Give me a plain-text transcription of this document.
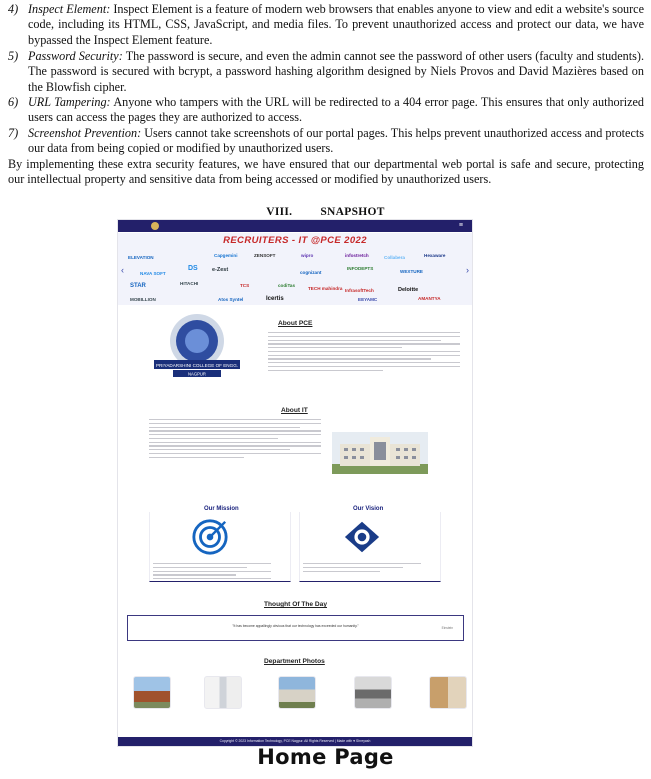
4) Inspect Element: Inspect Element is a feature of modern web browsers that enables anyone to view and edit a website's source code, including its HTML, CSS, JavaScript, and media files. To prevent unauthorized access and protect our data, we have bypassed the Inspect Element feature.
5) Password Security: The password is secure, and even the admin cannot see the password of other users (faculty and students). The password is secured with bcrypt, a password hashing algorithm designed by Niels Provos and David Mazières based on the Blowfish cipher.
6) URL Tampering: Anyone who tampers with the URL will be redirected to a 404 error page. This ensures that only authorized users can access the pages they are authorized to access.
7) Screenshot Prevention: Users cannot take screenshots of our portal pages. This helps prevent unauthorized access and protects our data from being copied or modified by unauthorized users.
By implementing these extra security features, we have ensured that our departmental web portal is safe and secure, protecting our intellectual property and sensitive data from being accessed or modified by unauthorized users.
VIII. SNAPSHOT
≡
RECRUITERS - IT @PCE 2022
‹	›
ELEVATION	Capgemini	ZENSOFT	wipro	infostretch	Collabera	Hexaware
DS	e-Zest	cognizant
INFODEPTS
WEXTURE
NAVA SOFT
STAR	HITACHI	TCS	codiTas
TECH mahindra InfrasoftTech	Deloitte
MOBILLION	Atos Syntel	Icertis	EEYAMC	AMANTYA
About PCE
PRIYADARSHINI COLLEGE OF ENGG.
NAGPUR
About IT
Our Mission	Our Vision
Thought Of The Day
"It has become appallingly obvious that our technology has exceeded our humanity."	Einstein
Department Photos
Copyright © 2023 Information Technology, PCE Nagpur. All Rights Reserved | Made with ♥ Shreyash
Home Page
